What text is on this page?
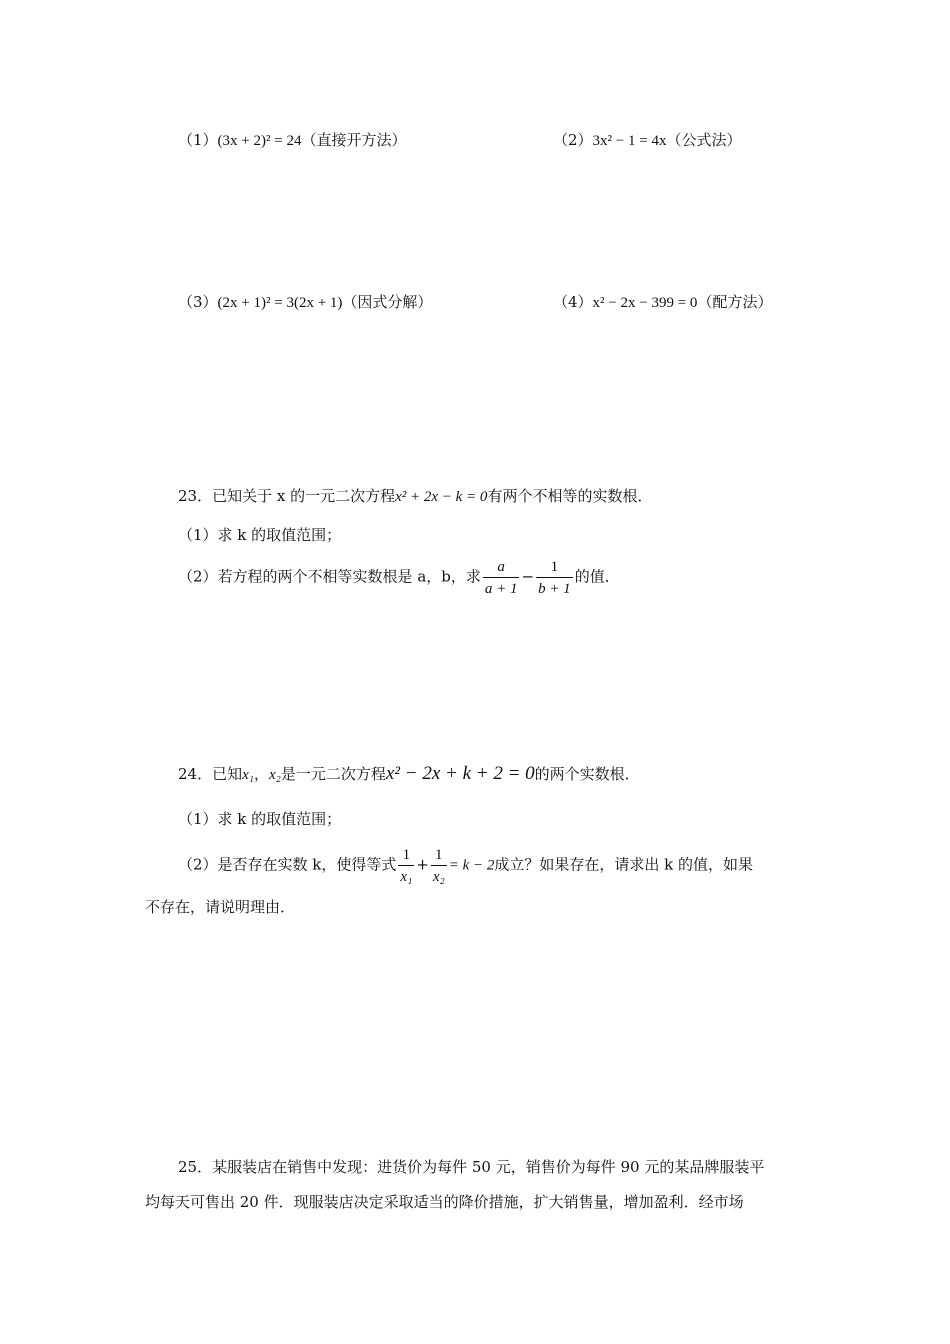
（1）(3x + 2)² = 24（直接开方法）	（2）3x² − 1 = 4x（公式法）
（3）(2x + 1)² = 3(2x + 1)（因式分解）	（4）x² − 2x − 399 = 0（配方法）
23．已知关于 x 的一元二次方程x² + 2x − k = 0有两个不相等的实数根．
（1）求 k 的取值范围；
（2）若方程的两个不相等实数根是 a，b，求 $\frac{a}{a + 1} - \frac{1}{b + 1}$ 的值．
24．已知x₁，x₂是一元二次方程x² − 2x + k + 2 = 0的两个实数根．
（1）求 k 的取值范围；
（2）是否存在实数 k，使得等式 $\frac{1}{\text{x₁}} + \frac{1}{\text{x₂}} = k - 2$成立？如果存在，请求出 k 的值，如果
不存在，请说明理由．
25．某服装店在销售中发现：进货价为每件 50 元，销售价为每件 90 元的某品牌服装平
均每天可售出 20 件．现服装店决定采取适当的降价措施，扩大销售量，增加盈利．经市场
